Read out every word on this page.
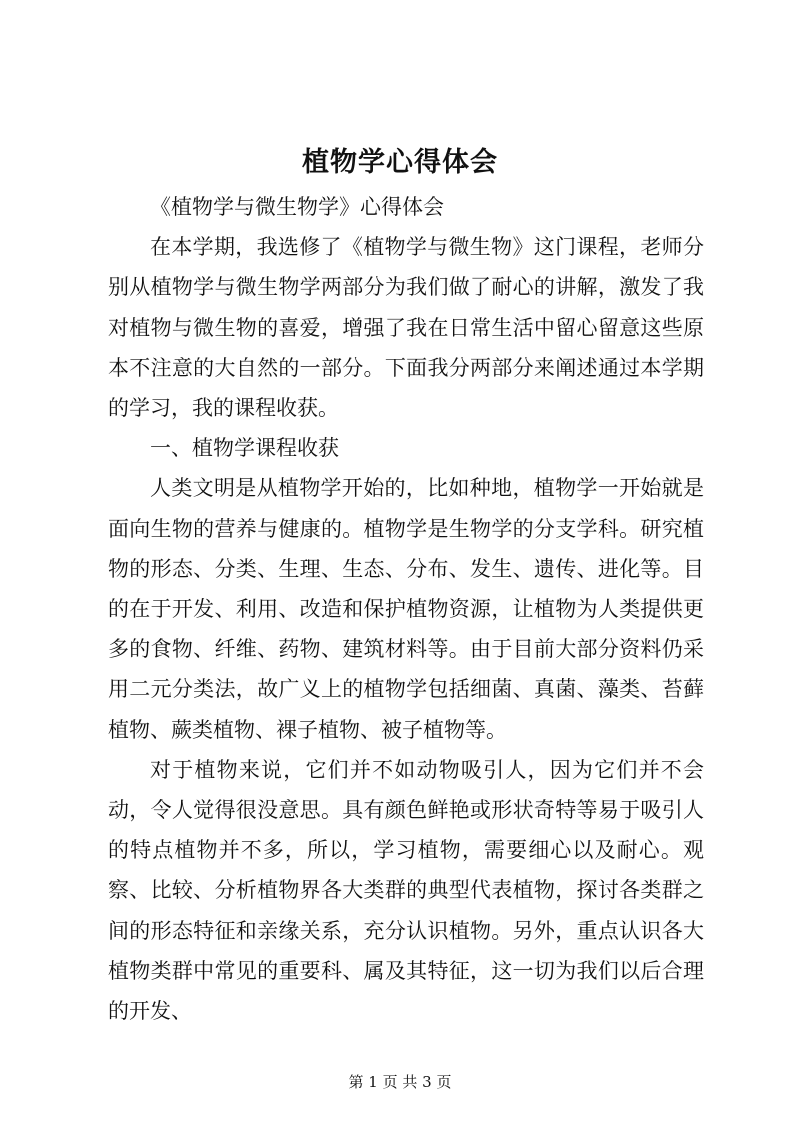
植物学心得体会

《植物学与微生物学》心得体会

在本学期，我选修了《植物学与微生物》这门课程，老师分别从植物学与微生物学两部分为我们做了耐心的讲解，激发了我对植物与微生物的喜爱，增强了我在日常生活中留心留意这些原本不注意的大自然的一部分。下面我分两部分来阐述通过本学期的学习，我的课程收获。

一、植物学课程收获

人类文明是从植物学开始的，比如种地，植物学一开始就是面向生物的营养与健康的。植物学是生物学的分支学科。研究植物的形态、分类、生理、生态、分布、发生、遗传、进化等。目的在于开发、利用、改造和保护植物资源，让植物为人类提供更多的食物、纤维、药物、建筑材料等。由于目前大部分资料仍采用二元分类法，故广义上的植物学包括细菌、真菌、藻类、苔藓植物、蕨类植物、裸子植物、被子植物等。

对于植物来说，它们并不如动物吸引人，因为它们并不会动，令人觉得很没意思。具有颜色鲜艳或形状奇特等易于吸引人的特点植物并不多，所以，学习植物，需要细心以及耐心。观察、比较、分析植物界各大类群的典型代表植物，探讨各类群之间的形态特征和亲缘关系，充分认识植物。另外，重点认识各大植物类群中常见的重要科、属及其特征，这一切为我们以后合理的开发、

第 1 页 共 3 页
